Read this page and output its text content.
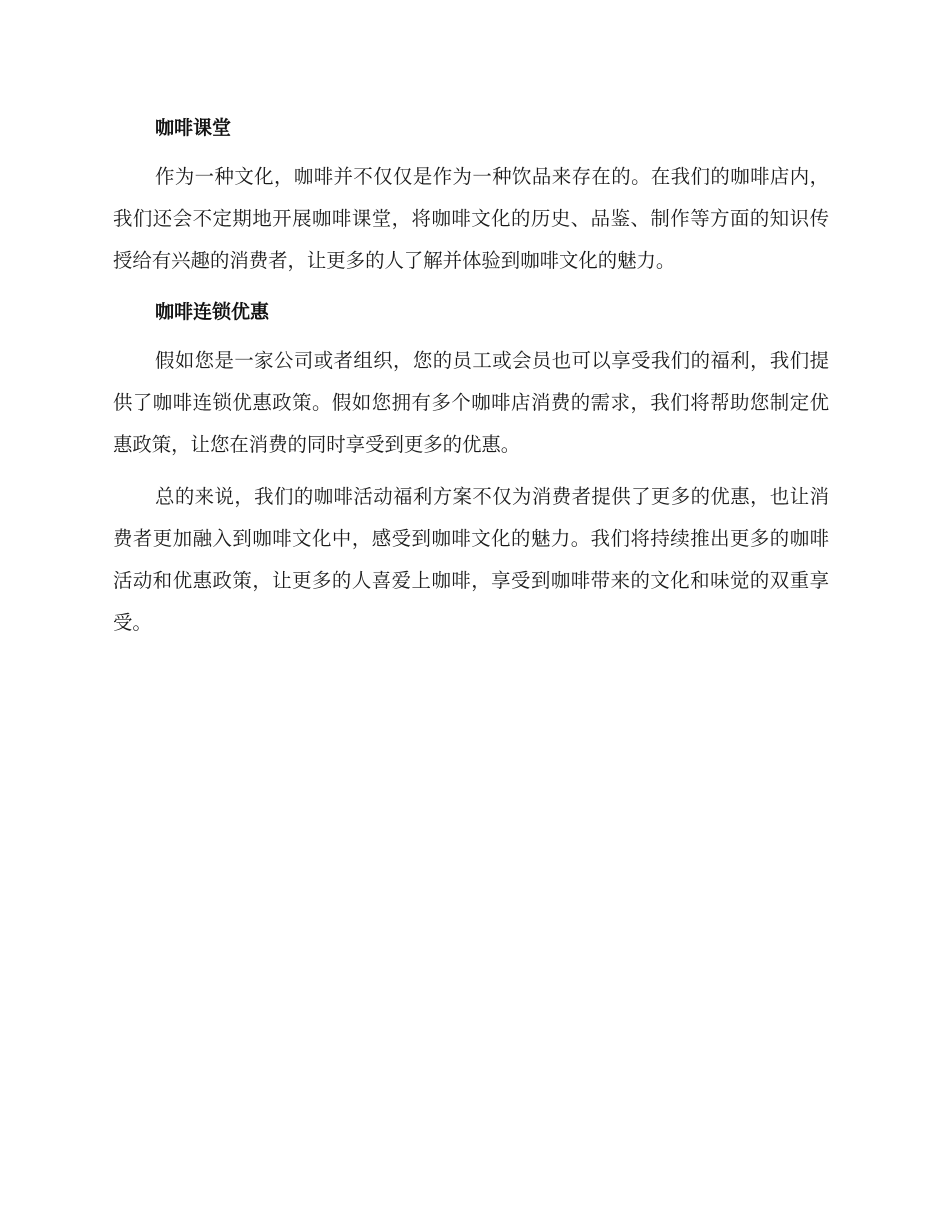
咖啡课堂

作为一种文化，咖啡并不仅仅是作为一种饮品来存在的。在我们的咖啡店内，我们还会不定期地开展咖啡课堂，将咖啡文化的历史、品鉴、制作等方面的知识传授给有兴趣的消费者，让更多的人了解并体验到咖啡文化的魅力。

咖啡连锁优惠

假如您是一家公司或者组织，您的员工或会员也可以享受我们的福利，我们提供了咖啡连锁优惠政策。假如您拥有多个咖啡店消费的需求，我们将帮助您制定优惠政策，让您在消费的同时享受到更多的优惠。

总的来说，我们的咖啡活动福利方案不仅为消费者提供了更多的优惠，也让消费者更加融入到咖啡文化中，感受到咖啡文化的魅力。我们将持续推出更多的咖啡活动和优惠政策，让更多的人喜爱上咖啡，享受到咖啡带来的文化和味觉的双重享受。
